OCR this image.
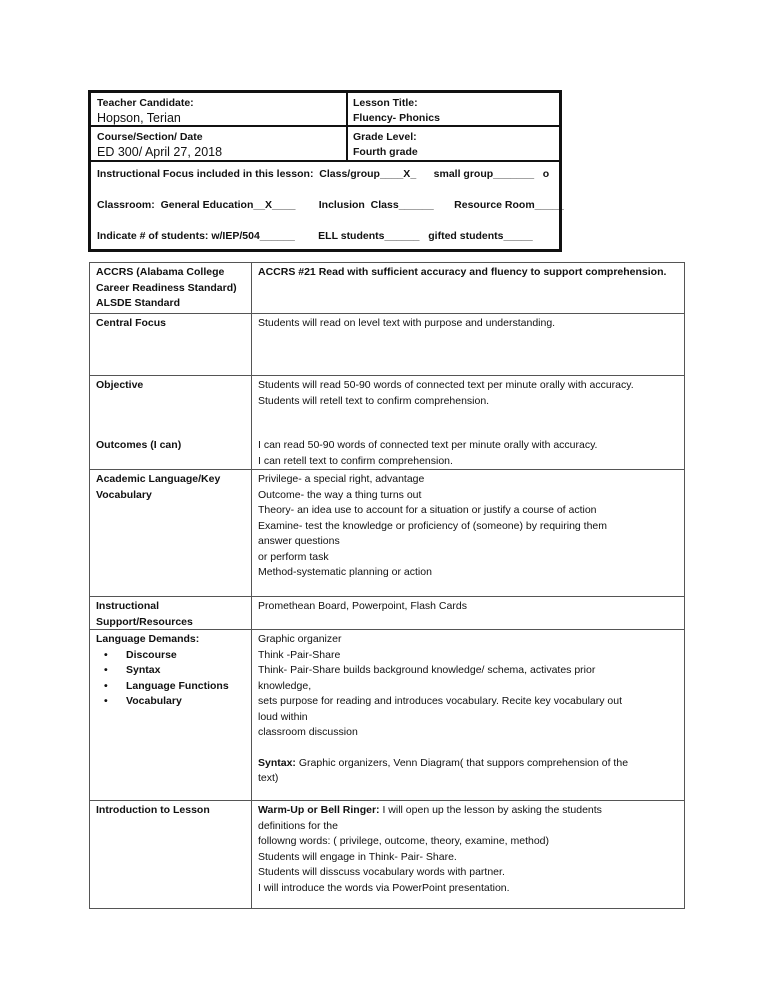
Teacher Candidate:
Hopson, Terian
Lesson Title:
Fluency- Phonics
Course/Section/ Date
ED 300/ April 27, 2018
Grade Level:
Fourth grade
Instructional Focus included in this lesson:  Class/group____X_      small group_______   o
Classroom:  General Education__X____        Inclusion  Class______       Resource Room_____
Indicate # of students: w/IEP/504______        ELL students______   gifted students_____
ACCRS (Alabama College
Career Readiness Standard)
ALSDE Standard
ACCRS #21 Read with sufficient accuracy and fluency to support comprehension.
Central Focus	Students will read on level text with purpose and understanding.
Objective
Outcomes (I can)
Students will read 50-90 words of connected text per minute orally with accuracy.
Students will retell text to confirm comprehension.
I can read 50-90 words of connected text per minute orally with accuracy.
I can retell text to confirm comprehension.
Academic Language/Key
Vocabulary
Privilege- a special right, advantage
Outcome- the way a thing turns out
Theory- an idea use to account for a situation or justify a course of action
Examine- test the knowledge or proficiency of (someone) by requiring them
answer questions
or perform task
Method-systematic planning or action
Instructional
Support/Resources
Promethean Board, Powerpoint, Flash Cards
Language Demands:
• Discourse
• Syntax
• Language Functions
• Vocabulary
Graphic organizer
Think -Pair-Share
Think- Pair-Share builds background knowledge/ schema, activates prior
knowledge,
sets purpose for reading and introduces vocabulary. Recite key vocabulary out
loud within
classroom discussion
Syntax: Graphic organizers, Venn Diagram( that suppors comprehension of the
text)
Introduction to Lesson	Warm-Up or Bell Ringer: I will open up the lesson by asking the students
definitions for the
followng words: ( privilege, outcome, theory, examine, method)
Students will engage in Think- Pair- Share.
Students will disscuss vocabulary words with partner.
I will introduce the words via PowerPoint presentation.
